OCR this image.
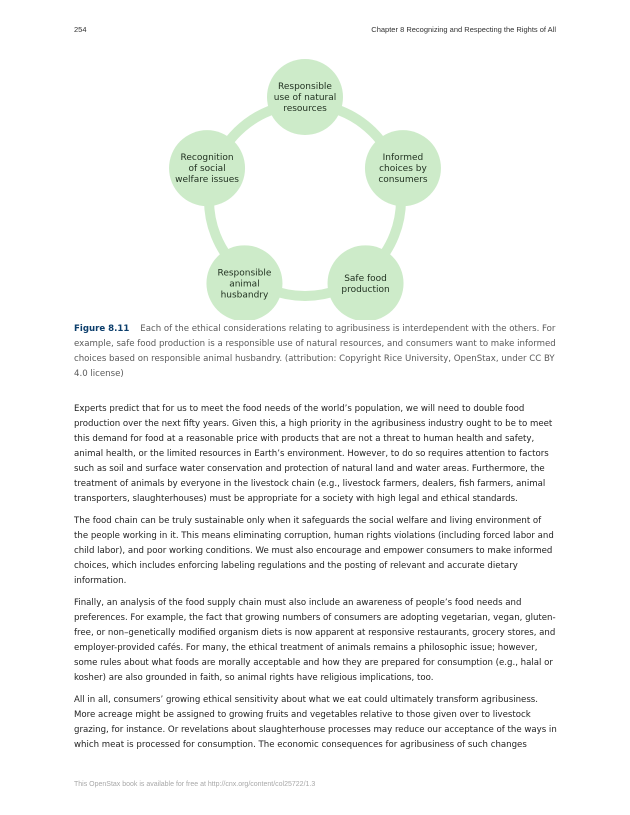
254	Chapter 8 Recognizing and Respecting the Rights of All
Responsible
use of natural
resources
Informed
choices by
consumers
Safe food
production
Responsible
animal
husbandry
Recognition
of social
welfare issues
Figure 8.11 Each of the ethical considerations relating to agribusiness is interdependent with the others. For example, safe food production is a responsible use of natural resources, and consumers want to make informed choices based on responsible animal husbandry. (attribution: Copyright Rice University, OpenStax, under CC BY 4.0 license)

Experts predict that for us to meet the food needs of the world’s population, we will need to double food production over the next fifty years. Given this, a high priority in the agribusiness industry ought to be to meet this demand for food at a reasonable price with products that are not a threat to human health and safety, animal health, or the limited resources in Earth’s environment. However, to do so requires attention to factors such as soil and surface water conservation and protection of natural land and water areas. Furthermore, the treatment of animals by everyone in the livestock chain (e.g., livestock farmers, dealers, fish farmers, animal transporters, slaughterhouses) must be appropriate for a society with high legal and ethical standards.

The food chain can be truly sustainable only when it safeguards the social welfare and living environment of the people working in it. This means eliminating corruption, human rights violations (including forced labor and child labor), and poor working conditions. We must also encourage and empower consumers to make informed choices, which includes enforcing labeling regulations and the posting of relevant and accurate dietary information.

Finally, an analysis of the food supply chain must also include an awareness of people’s food needs and preferences. For example, the fact that growing numbers of consumers are adopting vegetarian, vegan, gluten-free, or non–genetically modified organism diets is now apparent at responsive restaurants, grocery stores, and employer-provided cafés. For many, the ethical treatment of animals remains a philosophic issue; however, some rules about what foods are morally acceptable and how they are prepared for consumption (e.g., halal or kosher) are also grounded in faith, so animal rights have religious implications, too.

All in all, consumers’ growing ethical sensitivity about what we eat could ultimately transform agribusiness. More acreage might be assigned to growing fruits and vegetables relative to those given over to livestock grazing, for instance. Or revelations about slaughterhouse processes may reduce our acceptance of the ways in which meat is processed for consumption. The economic consequences for agribusiness of such changes

This OpenStax book is available for free at http://cnx.org/content/col25722/1.3
